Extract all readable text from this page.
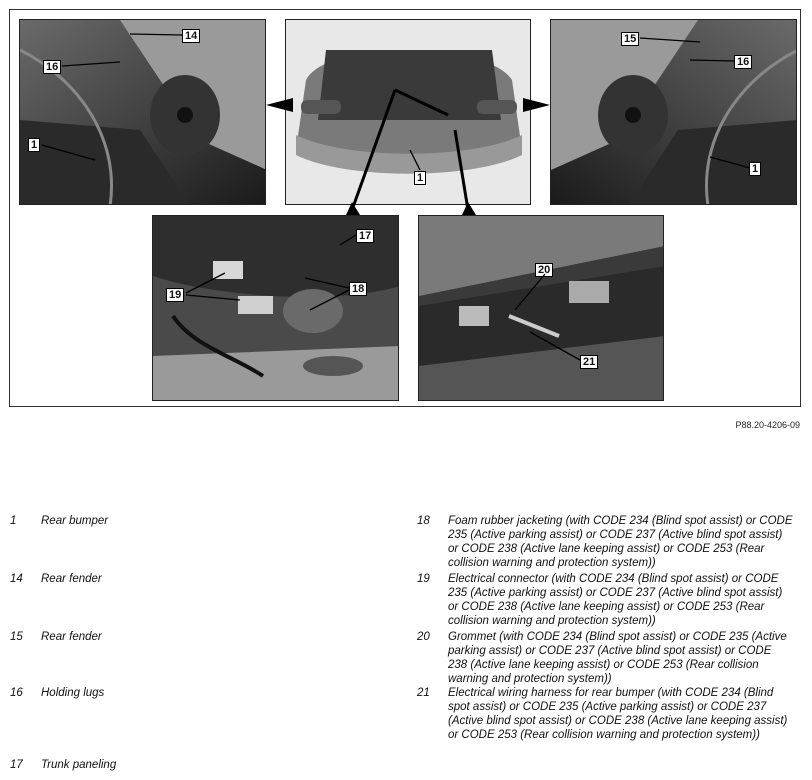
14
16
1
1
15
16
1
17
19	18
20
21
P88.20-4206-09
1 Rear bumper
14 Rear fender
15 Rear fender
16 Holding lugs
17 Trunk paneling
18 Foam rubber jacketing (with CODE 234 (Blind spot assist) or CODE 235 (Active parking assist) or CODE 237 (Active blind spot assist) or CODE 238 (Active lane keeping assist) or CODE 253 (Rear collision warning and protection system))
19 Electrical connector (with CODE 234 (Blind spot assist) or CODE 235 (Active parking assist) or CODE 237 (Active blind spot assist) or CODE 238 (Active lane keeping assist) or CODE 253 (Rear collision warning and protection system))
20 Grommet (with CODE 234 (Blind spot assist) or CODE 235 (Active parking assist) or CODE 237 (Active blind spot assist) or CODE 238 (Active lane keeping assist) or CODE 253 (Rear collision warning and protection system))
21 Electrical wiring harness for rear bumper (with CODE 234 (Blind spot assist) or CODE 235 (Active parking assist) or CODE 237 (Active blind spot assist) or CODE 238 (Active lane keeping assist) or CODE 253 (Rear collision warning and protection system))
